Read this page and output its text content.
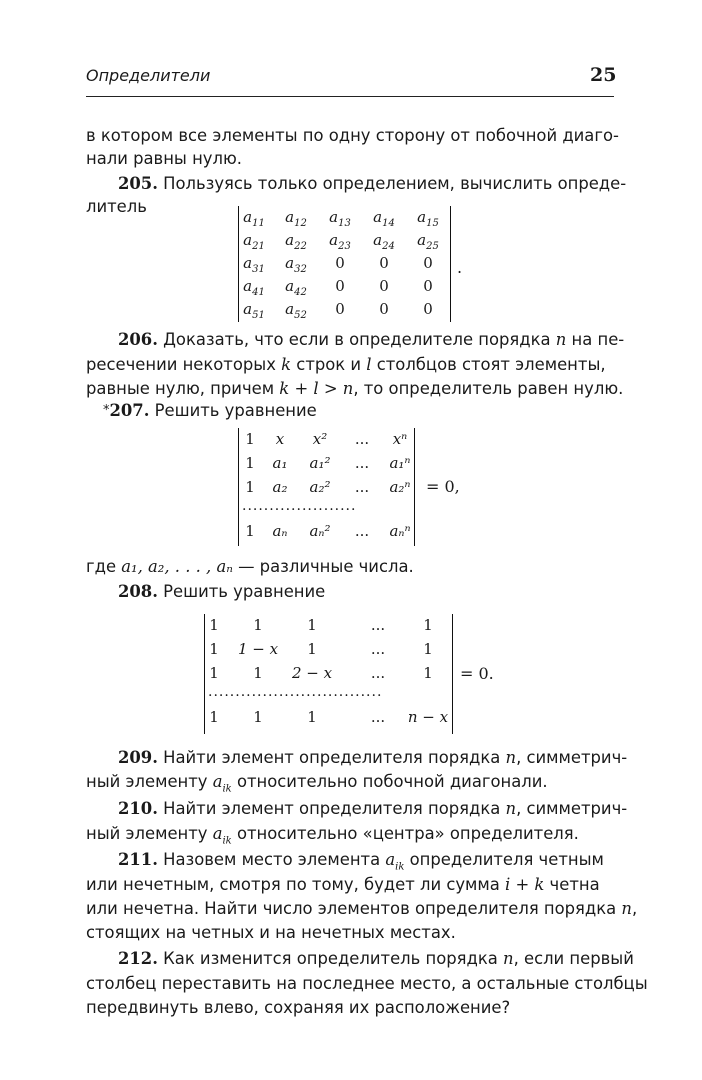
Определители	25
в котором все элементы по одну сторону от побочной диаго-
нали равны нулю.
205. Пользуясь только определением, вычислить опреде-
литель
$a_{11}$	$a_{12}$	$a_{13}$	$a_{14}$	$a_{15}$
$a_{21}$	$a_{22}$	$a_{23}$	$a_{24}$	$a_{25}$
$a_{31}$	$a_{32}$	0	0	0
$a_{41}$	$a_{42}$	0	0	0
$a_{51}$	$a_{52}$	0	0	0
.
206. Доказать, что если в определителе порядка n на пе-
ресечении некоторых k строк и l столбцов стоят элементы,
равные нулю, причем k + l > n, то определитель равен нулю.
*207. Решить уравнение
1	x	x²	...	xⁿ
1	a₁	a₁²	...	a₁ⁿ
1	a₂	a₂²	...	a₂ⁿ
.....................
1	aₙ	aₙ²	...	aₙⁿ
= 0,
где a₁, a₂, . . . , aₙ — различные числа.
208. Решить уравнение
1	1	1	...	1
1	1 − x	1	...	1
1	1	2 − x	...	1
................................
1	1	1	...	n − x
= 0.
209. Найти элемент определителя порядка n, симметрич-
ный элементу $a_{ik}$ относительно побочной диагонали.
210. Найти элемент определителя порядка n, симметрич-
ный элементу $a_{ik}$ относительно «центра» определителя.
211. Назовем место элемента $a_{ik}$ определителя четным
или нечетным, смотря по тому, будет ли сумма i + k четна
или нечетна. Найти число элементов определителя порядка n,
стоящих на четных и на нечетных местах.
212. Как изменится определитель порядка n, если первый
столбец переставить на последнее место, а остальные столбцы
передвинуть влево, сохраняя их расположение?
